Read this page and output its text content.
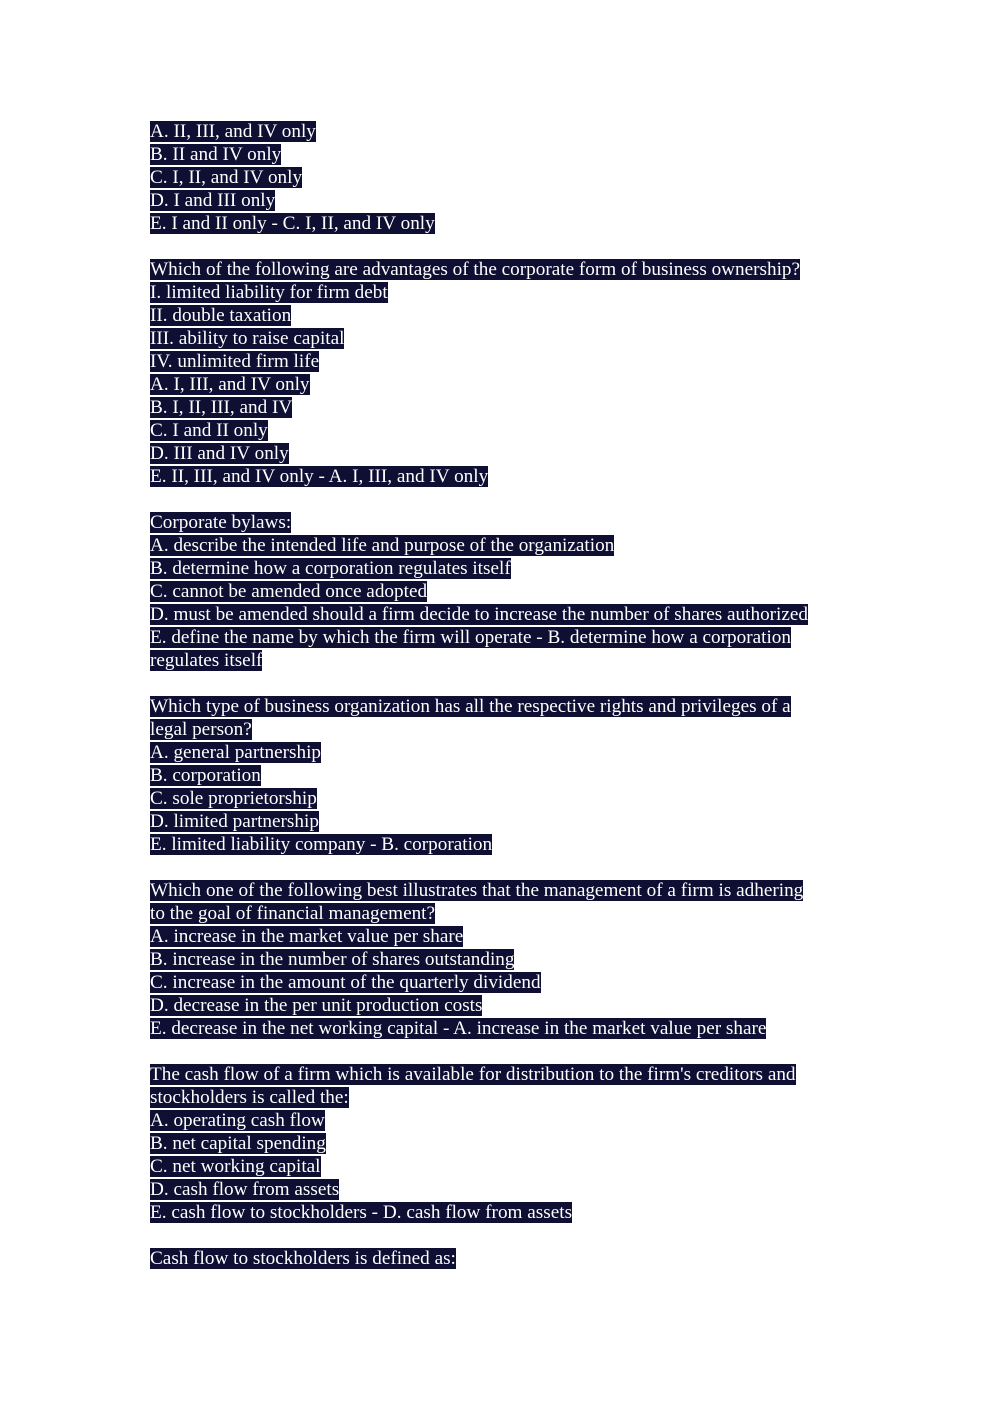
A. II, III, and IV only
B. II and IV only
C. I, II, and IV only
D. I and III only
E. I and II only - C. I, II, and IV only
Which of the following are advantages of the corporate form of business ownership?
I. limited liability for firm debt
II. double taxation
III. ability to raise capital
IV. unlimited firm life
A. I, III, and IV only
B. I, II, III, and IV
C. I and II only
D. III and IV only
E. II, III, and IV only - A. I, III, and IV only
Corporate bylaws:
A. describe the intended life and purpose of the organization
B. determine how a corporation regulates itself
C. cannot be amended once adopted
D. must be amended should a firm decide to increase the number of shares authorized
E. define the name by which the firm will operate - B. determine how a corporation
regulates itself
Which type of business organization has all the respective rights and privileges of a
legal person?
A. general partnership
B. corporation
C. sole proprietorship
D. limited partnership
E. limited liability company - B. corporation
Which one of the following best illustrates that the management of a firm is adhering
to the goal of financial management?
A. increase in the market value per share
B. increase in the number of shares outstanding
C. increase in the amount of the quarterly dividend
D. decrease in the per unit production costs
E. decrease in the net working capital - A. increase in the market value per share
The cash flow of a firm which is available for distribution to the firm's creditors and
stockholders is called the:
A. operating cash flow
B. net capital spending
C. net working capital
D. cash flow from assets
E. cash flow to stockholders - D. cash flow from assets
Cash flow to stockholders is defined as:
